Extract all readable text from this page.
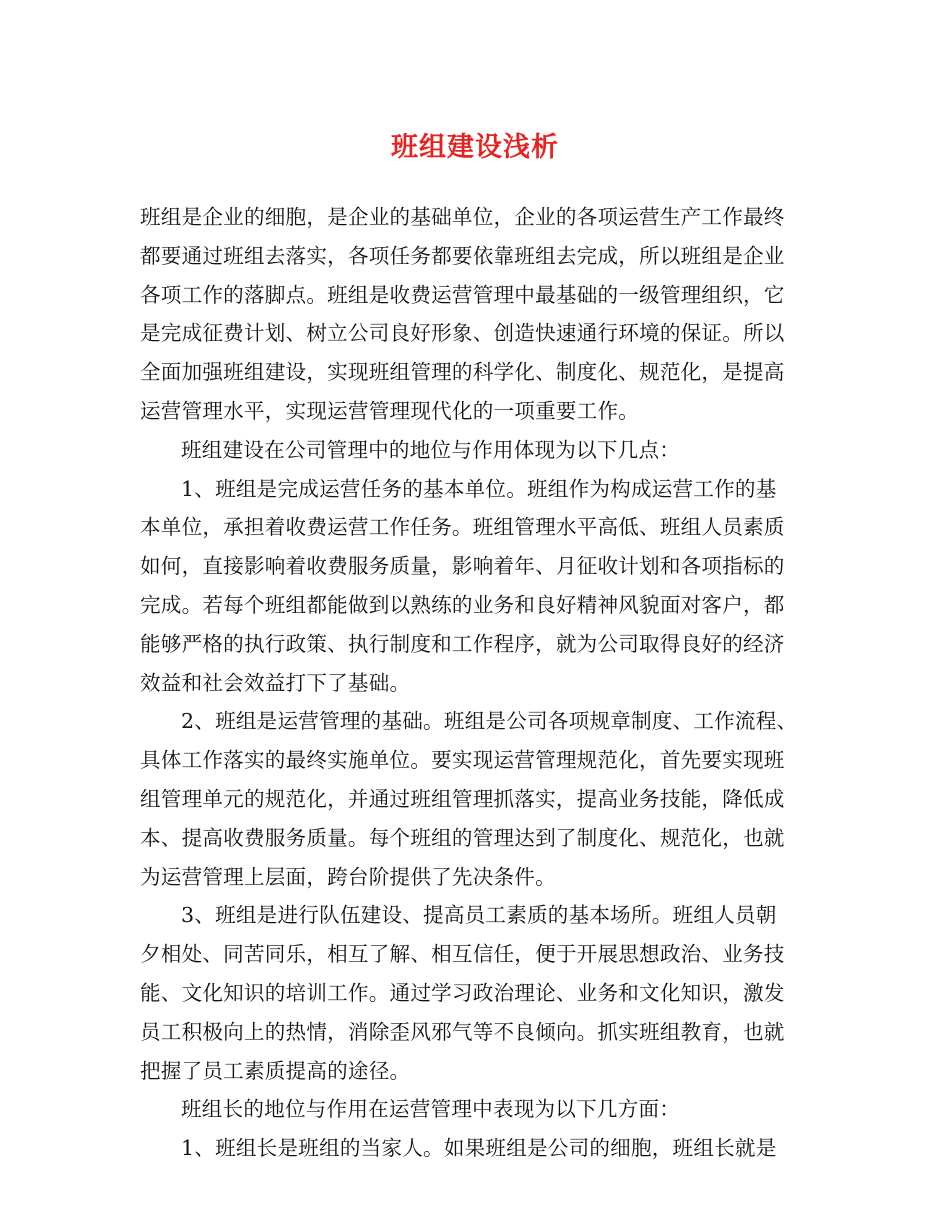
班组建设浅析
班组是企业的细胞，是企业的基础单位，企业的各项运营生产工作最终
都要通过班组去落实，各项任务都要依靠班组去完成，所以班组是企业
各项工作的落脚点。班组是收费运营管理中最基础的一级管理组织，它
是完成征费计划、树立公司良好形象、创造快速通行环境的保证。所以
全面加强班组建设，实现班组管理的科学化、制度化、规范化，是提高
运营管理水平，实现运营管理现代化的一项重要工作。
班组建设在公司管理中的地位与作用体现为以下几点：
1、班组是完成运营任务的基本单位。班组作为构成运营工作的基
本单位，承担着收费运营工作任务。班组管理水平高低、班组人员素质
如何，直接影响着收费服务质量，影响着年、月征收计划和各项指标的
完成。若每个班组都能做到以熟练的业务和良好精神风貌面对客户，都
能够严格的执行政策、执行制度和工作程序，就为公司取得良好的经济
效益和社会效益打下了基础。
2、班组是运营管理的基础。班组是公司各项规章制度、工作流程、
具体工作落实的最终实施单位。要实现运营管理规范化，首先要实现班
组管理单元的规范化，并通过班组管理抓落实，提高业务技能，降低成
本、提高收费服务质量。每个班组的管理达到了制度化、规范化，也就
为运营管理上层面，跨台阶提供了先决条件。
3、班组是进行队伍建设、提高员工素质的基本场所。班组人员朝
夕相处、同苦同乐，相互了解、相互信任，便于开展思想政治、业务技
能、文化知识的培训工作。通过学习政治理论、业务和文化知识，激发
员工积极向上的热情，消除歪风邪气等不良倾向。抓实班组教育，也就
把握了员工素质提高的途径。
班组长的地位与作用在运营管理中表现为以下几方面：
1、班组长是班组的当家人。如果班组是公司的细胞，班组长就是
